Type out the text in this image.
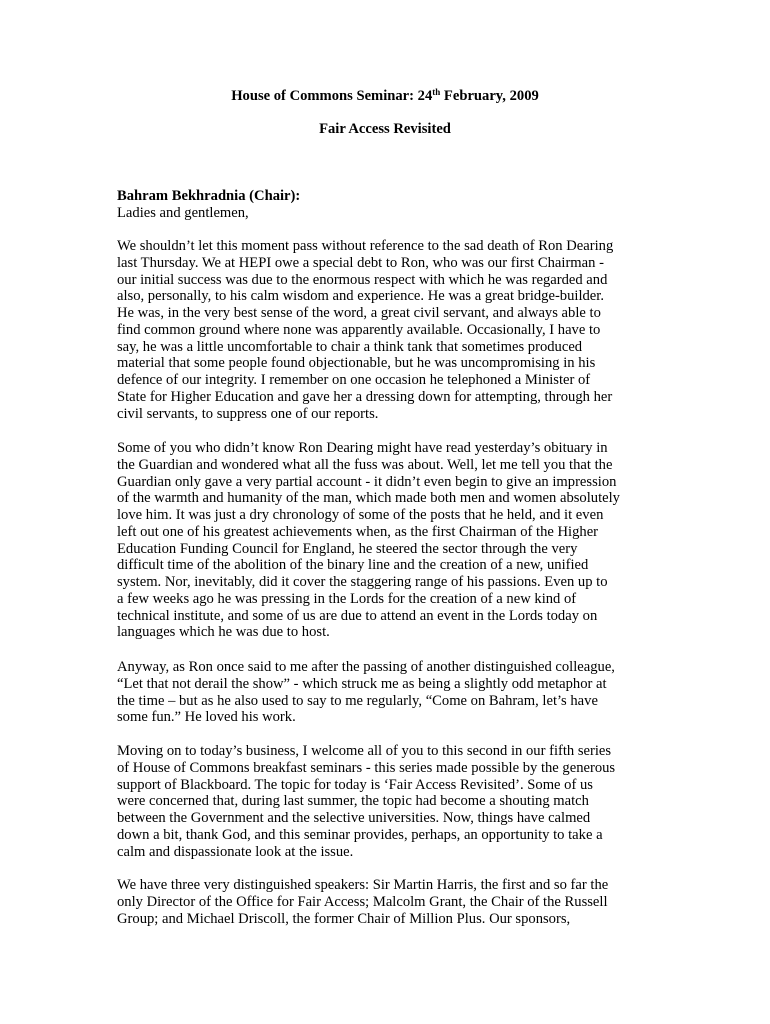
House of Commons Seminar: 24th February, 2009
Fair Access Revisited
Bahram Bekhradnia (Chair):
Ladies and gentlemen,
We shouldn’t let this moment pass without reference to the sad death of Ron Dearing
last Thursday. We at HEPI owe a special debt to Ron, who was our first Chairman -
our initial success was due to the enormous respect with which he was regarded and
also, personally, to his calm wisdom and experience. He was a great bridge-builder.
He was, in the very best sense of the word, a great civil servant, and always able to
find common ground where none was apparently available. Occasionally, I have to
say, he was a little uncomfortable to chair a think tank that sometimes produced
material that some people found objectionable, but he was uncompromising in his
defence of our integrity. I remember on one occasion he telephoned a Minister of
State for Higher Education and gave her a dressing down for attempting, through her
civil servants, to suppress one of our reports.
Some of you who didn’t know Ron Dearing might have read yesterday’s obituary in
the Guardian and wondered what all the fuss was about. Well, let me tell you that the
Guardian only gave a very partial account - it didn’t even begin to give an impression
of the warmth and humanity of the man, which made both men and women absolutely
love him. It was just a dry chronology of some of the posts that he held, and it even
left out one of his greatest achievements when, as the first Chairman of the Higher
Education Funding Council for England, he steered the sector through the very
difficult time of the abolition of the binary line and the creation of a new, unified
system. Nor, inevitably, did it cover the staggering range of his passions. Even up to
a few weeks ago he was pressing in the Lords for the creation of a new kind of
technical institute, and some of us are due to attend an event in the Lords today on
languages which he was due to host.
Anyway, as Ron once said to me after the passing of another distinguished colleague,
“Let that not derail the show” - which struck me as being a slightly odd metaphor at
the time – but as he also used to say to me regularly, “Come on Bahram, let’s have
some fun.” He loved his work.
Moving on to today’s business, I welcome all of you to this second in our fifth series
of House of Commons breakfast seminars - this series made possible by the generous
support of Blackboard. The topic for today is ‘Fair Access Revisited’. Some of us
were concerned that, during last summer, the topic had become a shouting match
between the Government and the selective universities. Now, things have calmed
down a bit, thank God, and this seminar provides, perhaps, an opportunity to take a
calm and dispassionate look at the issue.
We have three very distinguished speakers: Sir Martin Harris, the first and so far the
only Director of the Office for Fair Access; Malcolm Grant, the Chair of the Russell
Group; and Michael Driscoll, the former Chair of Million Plus. Our sponsors,
